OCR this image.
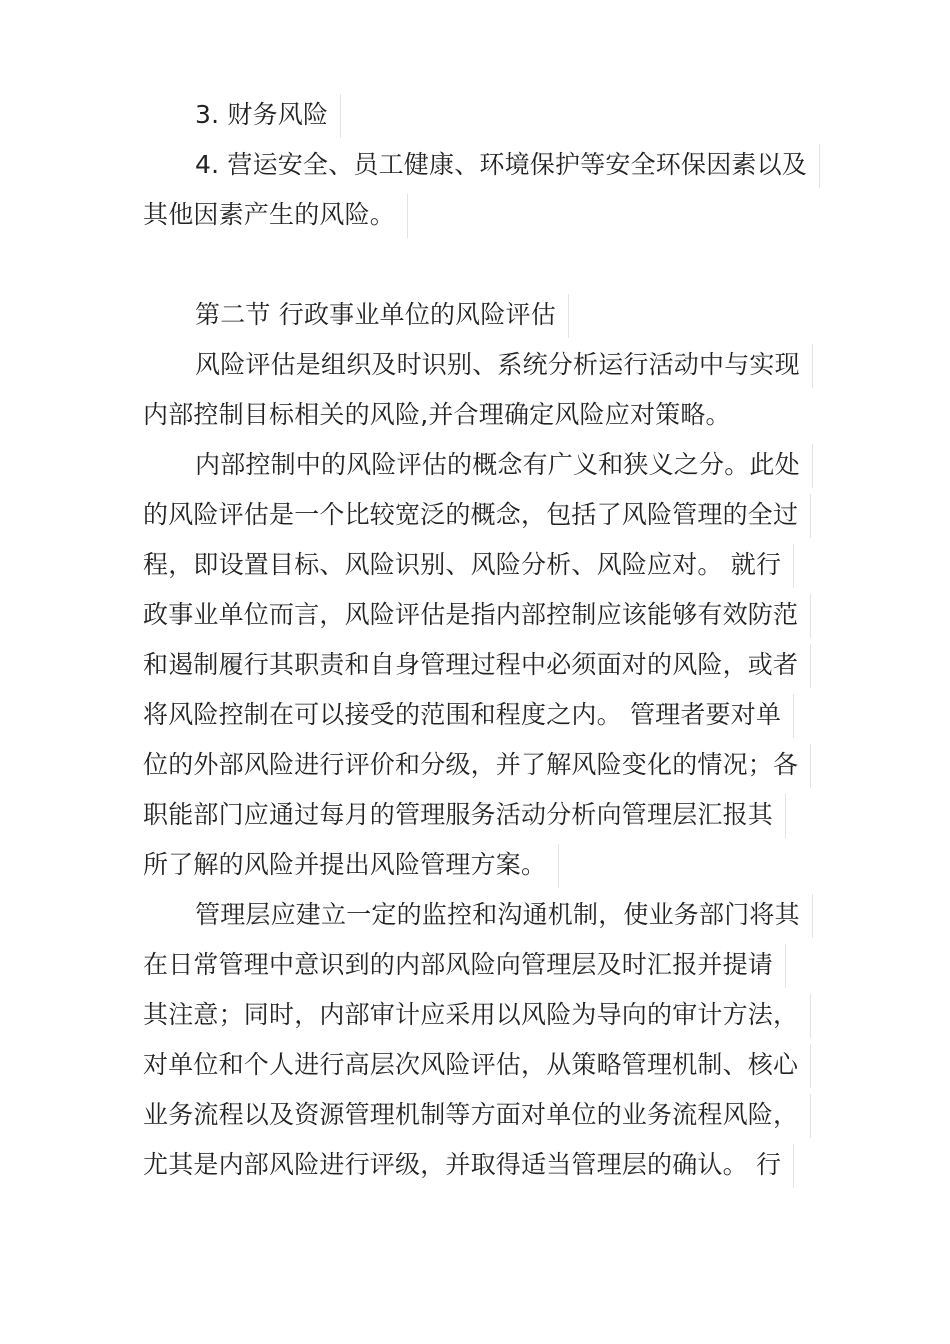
3. 财务风险
4. 营运安全、员工健康、环境保护等安全环保因素以及
其他因素产生的风险。
第二节 行政事业单位的风险评估
风险评估是组织及时识别、系统分析运行活动中与实现
内部控制目标相关的风险,并合理确定风险应对策略。
内部控制中的风险评估的概念有广义和狭义之分。此处
的风险评估是一个比较宽泛的概念，包括了风险管理的全过
程，即设置目标、风险识别、风险分析、风险应对。 就行
政事业单位而言，风险评估是指内部控制应该能够有效防范
和遏制履行其职责和自身管理过程中必须面对的风险，或者
将风险控制在可以接受的范围和程度之内。 管理者要对单
位的外部风险进行评价和分级，并了解风险变化的情况；各
职能部门应通过每月的管理服务活动分析向管理层汇报其
所了解的风险并提出风险管理方案。
管理层应建立一定的监控和沟通机制，使业务部门将其
在日常管理中意识到的内部风险向管理层及时汇报并提请
其注意；同时，内部审计应采用以风险为导向的审计方法，
对单位和个人进行高层次风险评估，从策略管理机制、核心
业务流程以及资源管理机制等方面对单位的业务流程风险，
尤其是内部风险进行评级，并取得适当管理层的确认。 行
